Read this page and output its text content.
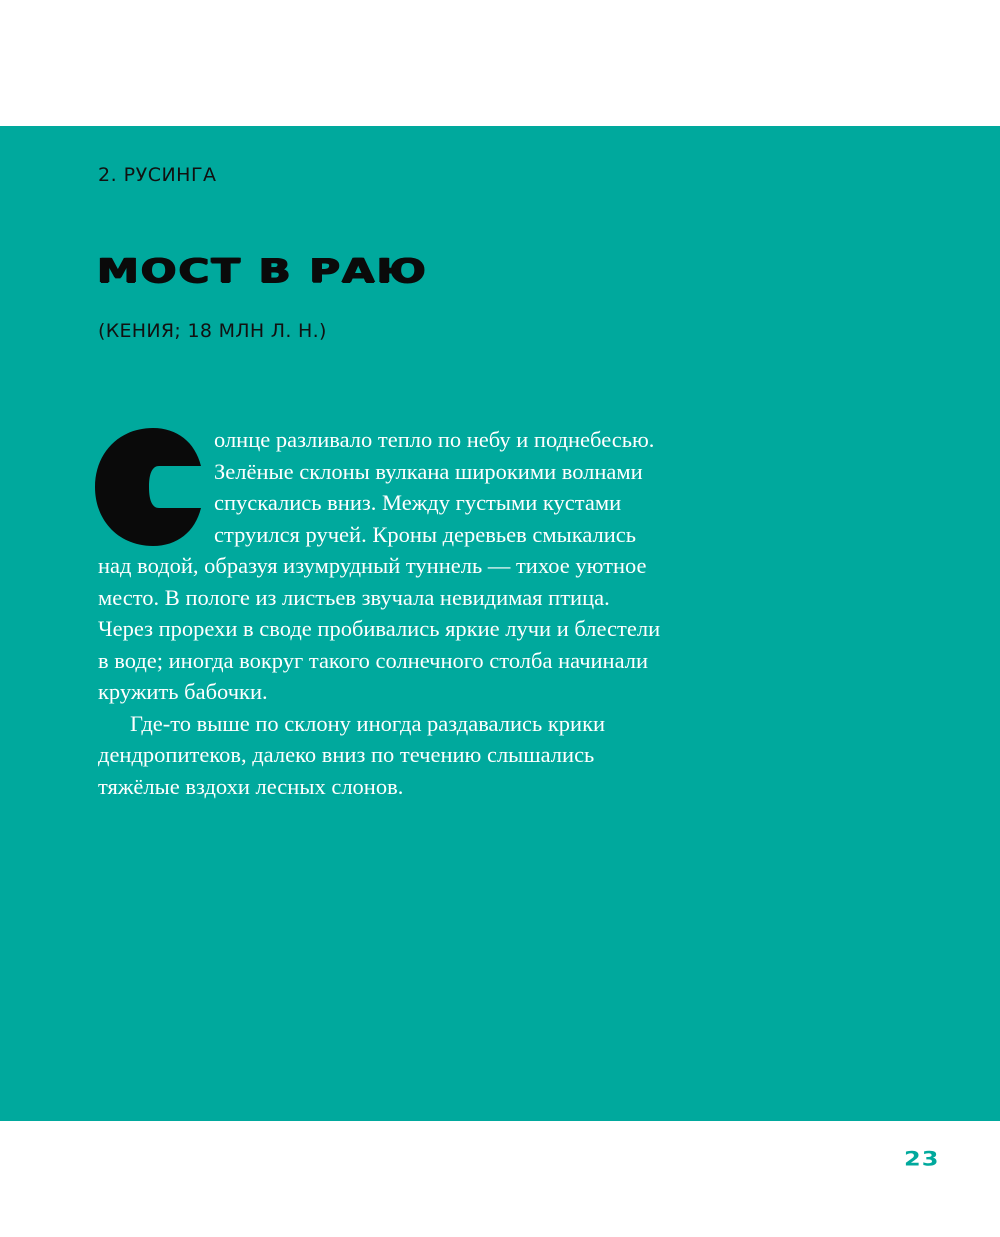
2. РУСИНГА
МОСТ В РАЮ
(КЕНИЯ; 18 МЛН Л. Н.)

олнце разливало тепло по небу и поднебесью.

Зелёные склоны вулкана широкими волнами

спускались вниз. Между густыми кустами

струился ручей. Кроны деревьев смыкались

над водой, образуя изумрудный туннель — тихое уютное

место. В пологе из листьев звучала невидимая птица.

Через прорехи в своде пробивались яркие лучи и блестели

в воде; иногда вокруг такого солнечного столба начинали

кружить бабочки.

Где-то выше по склону иногда раздавались крики

дендропитеков, далеко вниз по течению слышались

тяжёлые вздохи лесных слонов.

23
